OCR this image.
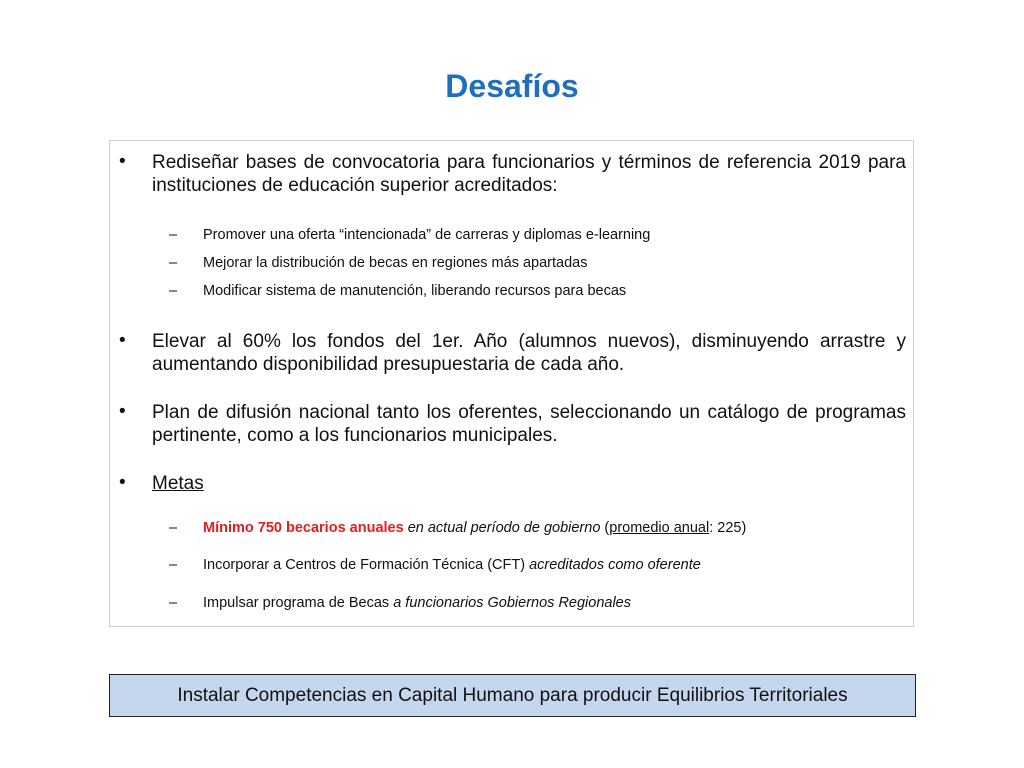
Desafíos
• Rediseñar bases de convocatoria para funcionarios y términos de referencia 2019 para instituciones de educación superior acreditados:
– Promover una oferta “intencionada” de carreras y diplomas e-learning
– Mejorar la distribución de becas en regiones más apartadas
– Modificar sistema de manutención, liberando recursos para becas
• Elevar al 60% los fondos del 1er. Año (alumnos nuevos), disminuyendo arrastre y aumentando disponibilidad presupuestaria de cada año.
• Plan de difusión nacional tanto los oferentes, seleccionando un catálogo de programas pertinente, como a los funcionarios municipales.
• Metas
– Mínimo 750 becarios anuales en actual período de gobierno (promedio anual: 225)
– Incorporar a Centros de Formación Técnica (CFT) acreditados como oferente
– Impulsar programa de Becas a funcionarios Gobiernos Regionales
Instalar Competencias en Capital Humano para producir Equilibrios Territoriales
